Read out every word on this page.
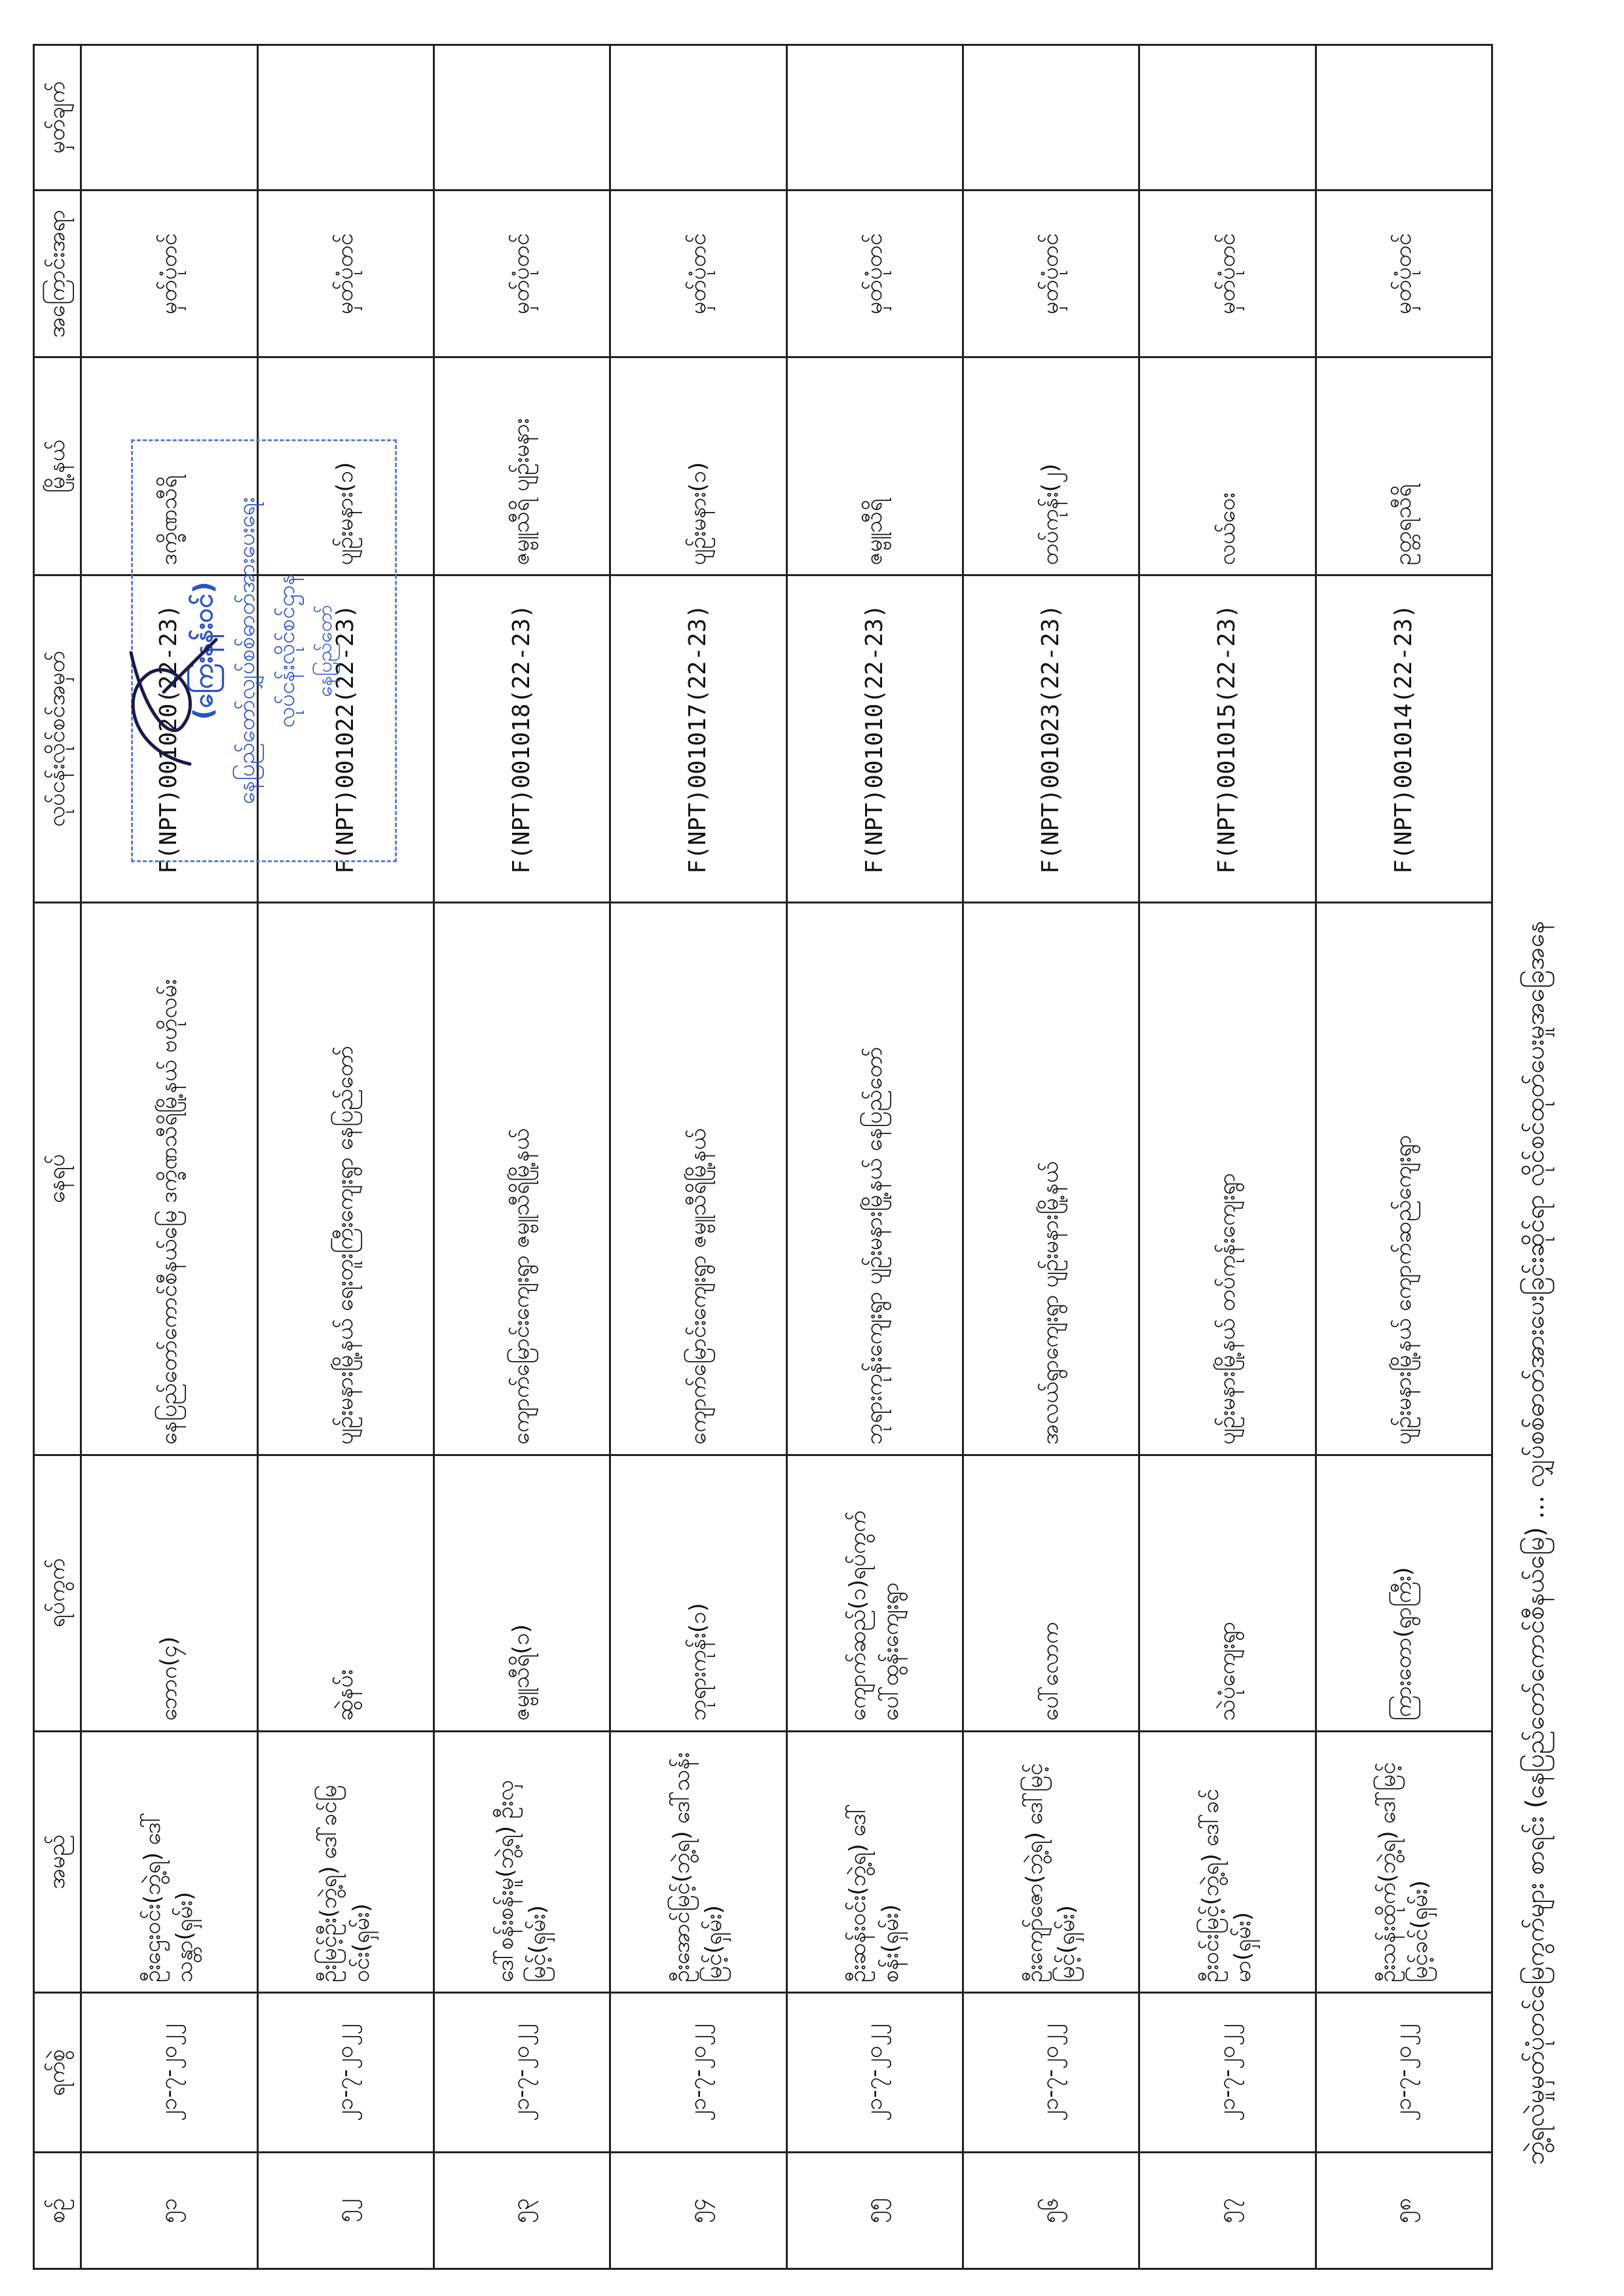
ဘွဲ့ရလဲမှုမှတ်ပုံတင်မြေကွက်များ စာရင်း (နေပြည်တော်ကောင်စီနယ်မြေ) ... လျှပ်စစ်ဓာတ်အားပေးခြင်းဆိုင်ရာ လိုင်စင်ထုတ်ပေးမှုအခြေအနေ
စဉ်	ရက်စွဲ	အမည်	ရပ်ကွက်	နေရပ်	လုပ်ငန်းလိုင်စင်အမှတ်	မြို့နယ်	အကြောင်းအရာ	မှတ်ချက်
၅၁	၂၁-၇-၂၀၂၂	ဦးဌေးဝင်း(ဘွဲ့ရ) ဒေါ်သန္တာ(ရှမ်း)	ဘောဂ(၄)	နေပြည်တော်ကောင်စီနယ်မြေ ဒက္ခိဏသီရိမြို့နယ် ဗဟိုလမ်း	F(NPT)001020(22-23)	ဒက္ခိဏသီရိ	မှတ်ပုံတင်	
၅၂	၂၁-၇-၂၀၂၂	ဦးမြင့်ဦး(ဘွဲ့ရ) ဒေါ်ခင်မြဝင်း(ရှမ်း)	ဆွဲနပ်း	ပျဉ်းမနားမြို့နယ် ရေးတူးကြီးကျေးရွာ နေပြည်တော်	F(NPT)001022(22-23)	ပျဉ်းမနား(၁)	မှတ်ပုံတင်	
၅၃	၂၁-၇-၂၀၂၂	ဒေါ်စန်းစန်းမူ(ဘွဲ့ရ) ဦးလှမြင့်(ရှမ်း)	ဇမ္ဗူသီရိ(၁)	ကျောက်မြောင်းကျေးရွာ ဇမ္ဗူသီရိမြို့နယ်	F(NPT)001018(22-23)	ဇမ္ဗူသီရိ ပျဉ်းမနား	မှတ်ပုံတင်	
၅၄	၂၁-၇-၂၀၂၂	ဦးအောင်မြင့်(ဘွဲ့ရ) ဒေါ်သန်းမြင့်(ရှမ်း)	ဘုရားကုန်း(၁)	ကျောက်မြောင်းကျေးရွာ ဇမ္ဗူသီရိမြို့နယ်	F(NPT)001017(22-23)	ပျဉ်းမနား(၁)	မှတ်ပုံတင်	
၅၅	၂၁-၇-၂၀၂၂	ဦးဆန်းဝင်း(ဘွဲ့ရ) ဒေါ်စန်း(ရှမ်း)	ကျောက်ဆည်(၁)ရပ်ကွက် ပေါ်ထွန်းကျေးရွာ	ဘုရားကုန်းကျေးရွာ ပျဉ်းမနားမြို့နယ် နေပြည်တော်	F(NPT)001010(22-23)	ဇမ္ဗူသီရိ	မှတ်ပုံတင်	
၅၆	၂၁-၇-၂၀၂၂	ဦးကျော်ဇော(ဘွဲ့ရ) ဒေါ်မြင့်မြင့်(ရှမ်း)	ပေါ်လောက	အလယ်ရွာကျေးရွာ ပျဉ်းမနားမြို့နယ်	F(NPT)001023(22-23)	တပ်ကုန်း(၂)	မှတ်ပုံတင်	
၅၇	၂၁-၇-၂၀၂၂	ဦးဝင်းမြင့်(ဘွဲ့ရ) ဒေါ်ခင်မာ(ရှမ်း)	သဲပုံကျေးရွာ	ပျဉ်းမနားမြို့နယ် တပ်ကုန်းကျေးရွာ	F(NPT)001015(22-23)	လယ်ဝေး	မှတ်ပုံတင်	
၅၈	၂၁-၇-၂၀၂၂	ဦးသန်းထိုက်(ဘွဲ့ရ) ဒေါ်မြင့်မြင့်ခင်(ရှမ်း)	ကြားတော(ရွာကြီး)	ပျဉ်းမနားမြို့နယ် ကျောက်ဆည်ကျေးရွာ	F(NPT)001014(22-23)	ဥတ္တရသီရိ	မှတ်ပုံတင်	
(ကြေးနန်းဝင်) နေပြည်တော်လျှပ်စစ်ဓာတ်အားပေးရေး လုပ်ငန်းလိုင်စင်ဌာန နေပြည်တော်
